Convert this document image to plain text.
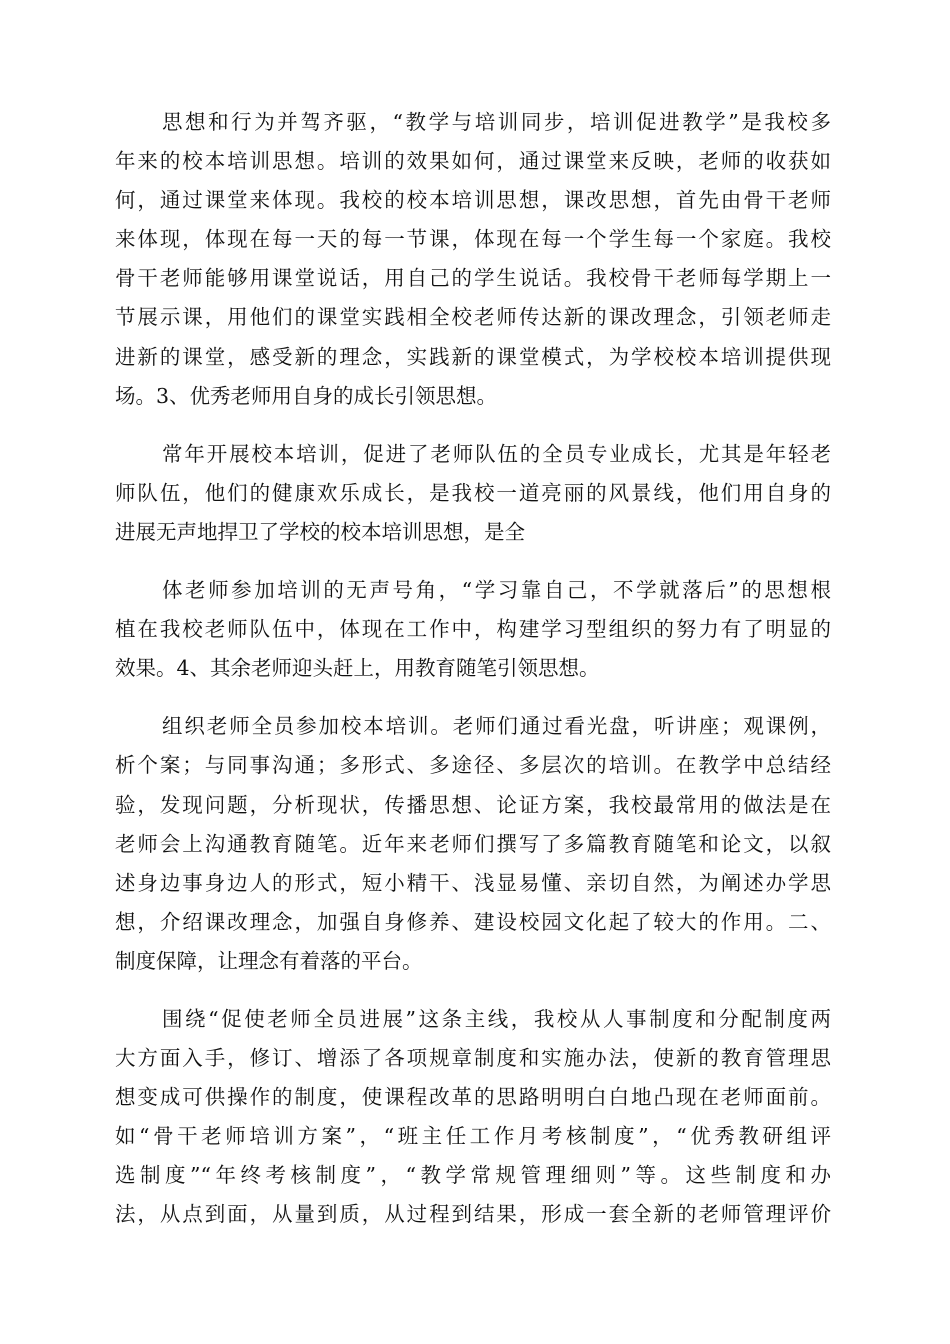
思想和行为并驾齐驱，“教学与培训同步，培训促进教学”是我校多
年来的校本培训思想。培训的效果如何，通过课堂来反映，老师的收获如
何，通过课堂来体现。我校的校本培训思想，课改思想，首先由骨干老师
来体现，体现在每一天的每一节课，体现在每一个学生每一个家庭。我校
骨干老师能够用课堂说话，用自己的学生说话。我校骨干老师每学期上一
节展示课，用他们的课堂实践相全校老师传达新的课改理念，引领老师走
进新的课堂，感受新的理念，实践新的课堂模式，为学校校本培训提供现
场。3、优秀老师用自身的成长引领思想。
常年开展校本培训，促进了老师队伍的全员专业成长，尤其是年轻老
师队伍，他们的健康欢乐成长，是我校一道亮丽的风景线，他们用自身的
进展无声地捍卫了学校的校本培训思想，是全
体老师参加培训的无声号角，“学习靠自己，不学就落后”的思想根
植在我校老师队伍中，体现在工作中，构建学习型组织的努力有了明显的
效果。4、其余老师迎头赶上，用教育随笔引领思想。
组织老师全员参加校本培训。老师们通过看光盘，听讲座；观课例，
析个案；与同事沟通；多形式、多途径、多层次的培训。在教学中总结经
验，发现问题，分析现状，传播思想、论证方案，我校最常用的做法是在
老师会上沟通教育随笔。近年来老师们撰写了多篇教育随笔和论文，以叙
述身边事身边人的形式，短小精干、浅显易懂、亲切自然，为阐述办学思
想，介绍课改理念，加强自身修养、建设校园文化起了较大的作用。二、
制度保障，让理念有着落的平台。
围绕“促使老师全员进展”这条主线，我校从人事制度和分配制度两
大方面入手，修订、增添了各项规章制度和实施办法，使新的教育管理思
想变成可供操作的制度，使课程改革的思路明明白白地凸现在老师面前。
如“骨干老师培训方案”，“班主任工作月考核制度”，“优秀教研组评
选制度”“年终考核制度”，“教学常规管理细则”等。这些制度和办
法，从点到面，从量到质，从过程到结果，形成一套全新的老师管理评价
